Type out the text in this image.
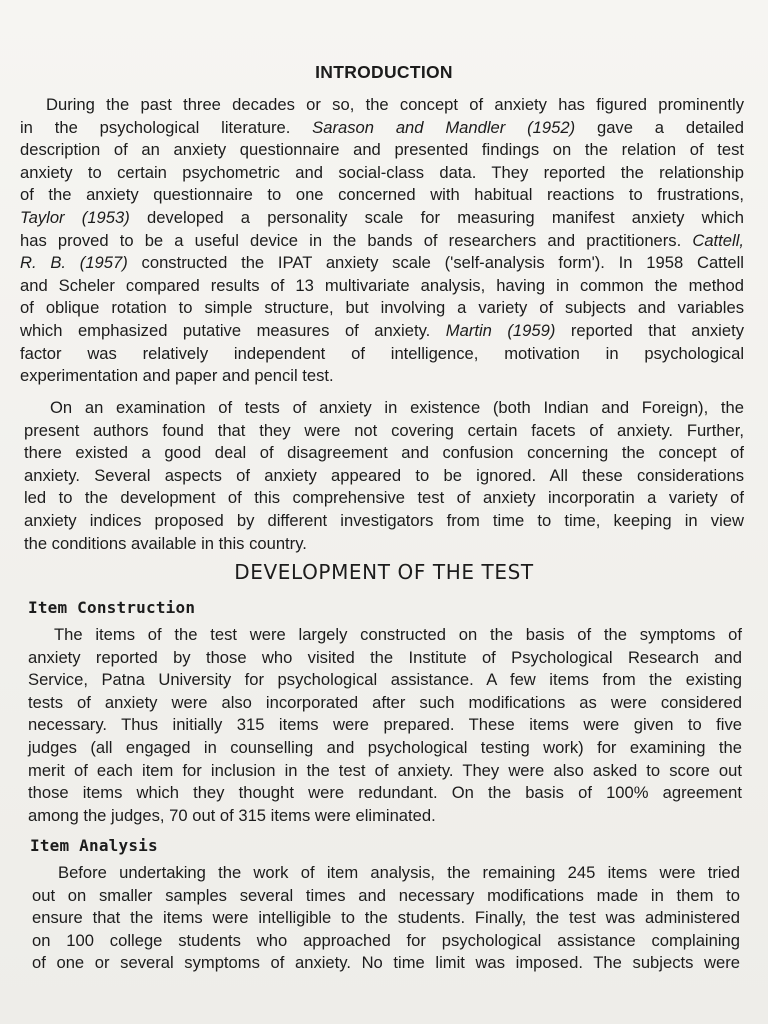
INTRODUCTION

During the past three decades or so, the concept of anxiety has figured prominently
in the psychological literature. Sarason and Mandler (1952) gave a detailed
description of an anxiety questionnaire and presented findings on the relation of test
anxiety to certain psychometric and social-class data. They reported the relationship
of the anxiety questionnaire to one concerned with habitual reactions to frustrations,
Taylor (1953) developed a personality scale for measuring manifest anxiety which
has proved to be a useful device in the bands of researchers and practitioners. Cattell,
R. B. (1957) constructed the IPAT anxiety scale ('self-analysis form'). In 1958 Cattell
and Scheler compared results of 13 multivariate analysis, having in common the method
of oblique rotation to simple structure, but involving a variety of subjects and variables
which emphasized putative measures of anxiety. Martin (1959) reported that anxiety
factor was relatively independent of intelligence, motivation in psychological
experimentation and paper and pencil test.

On an examination of tests of anxiety in existence (both Indian and Foreign), the
present authors found that they were not covering certain facets of anxiety. Further,
there existed a good deal of disagreement and confusion concerning the concept of
anxiety. Several aspects of anxiety appeared to be ignored. All these considerations
led to the development of this comprehensive test of anxiety incorporatin a variety of
anxiety indices proposed by different investigators from time to time, keeping in view
the conditions available in this country.

DEVELOPMENT OF THE TEST
Item Construction

The items of the test were largely constructed on the basis of the symptoms of
anxiety reported by those who visited the Institute of Psychological Research and
Service, Patna University for psychological assistance. A few items from the existing
tests of anxiety were also incorporated after such modifications as were considered
necessary. Thus initially 315 items were prepared. These items were given to five
judges (all engaged in counselling and psychological testing work) for examining the
merit of each item for inclusion in the test of anxiety. They were also asked to score out
those items which they thought were redundant. On the basis of 100% agreement
among the judges, 70 out of 315 items were eliminated.

Item Analysis

Before undertaking the work of item analysis, the remaining 245 items were tried
out on smaller samples several times and necessary modifications made in them to
ensure that the items were intelligible to the students. Finally, the test was administered
on 100 college students who approached for psychological assistance complaining
of one or several symptoms of anxiety. No time limit was imposed. The subjects were
